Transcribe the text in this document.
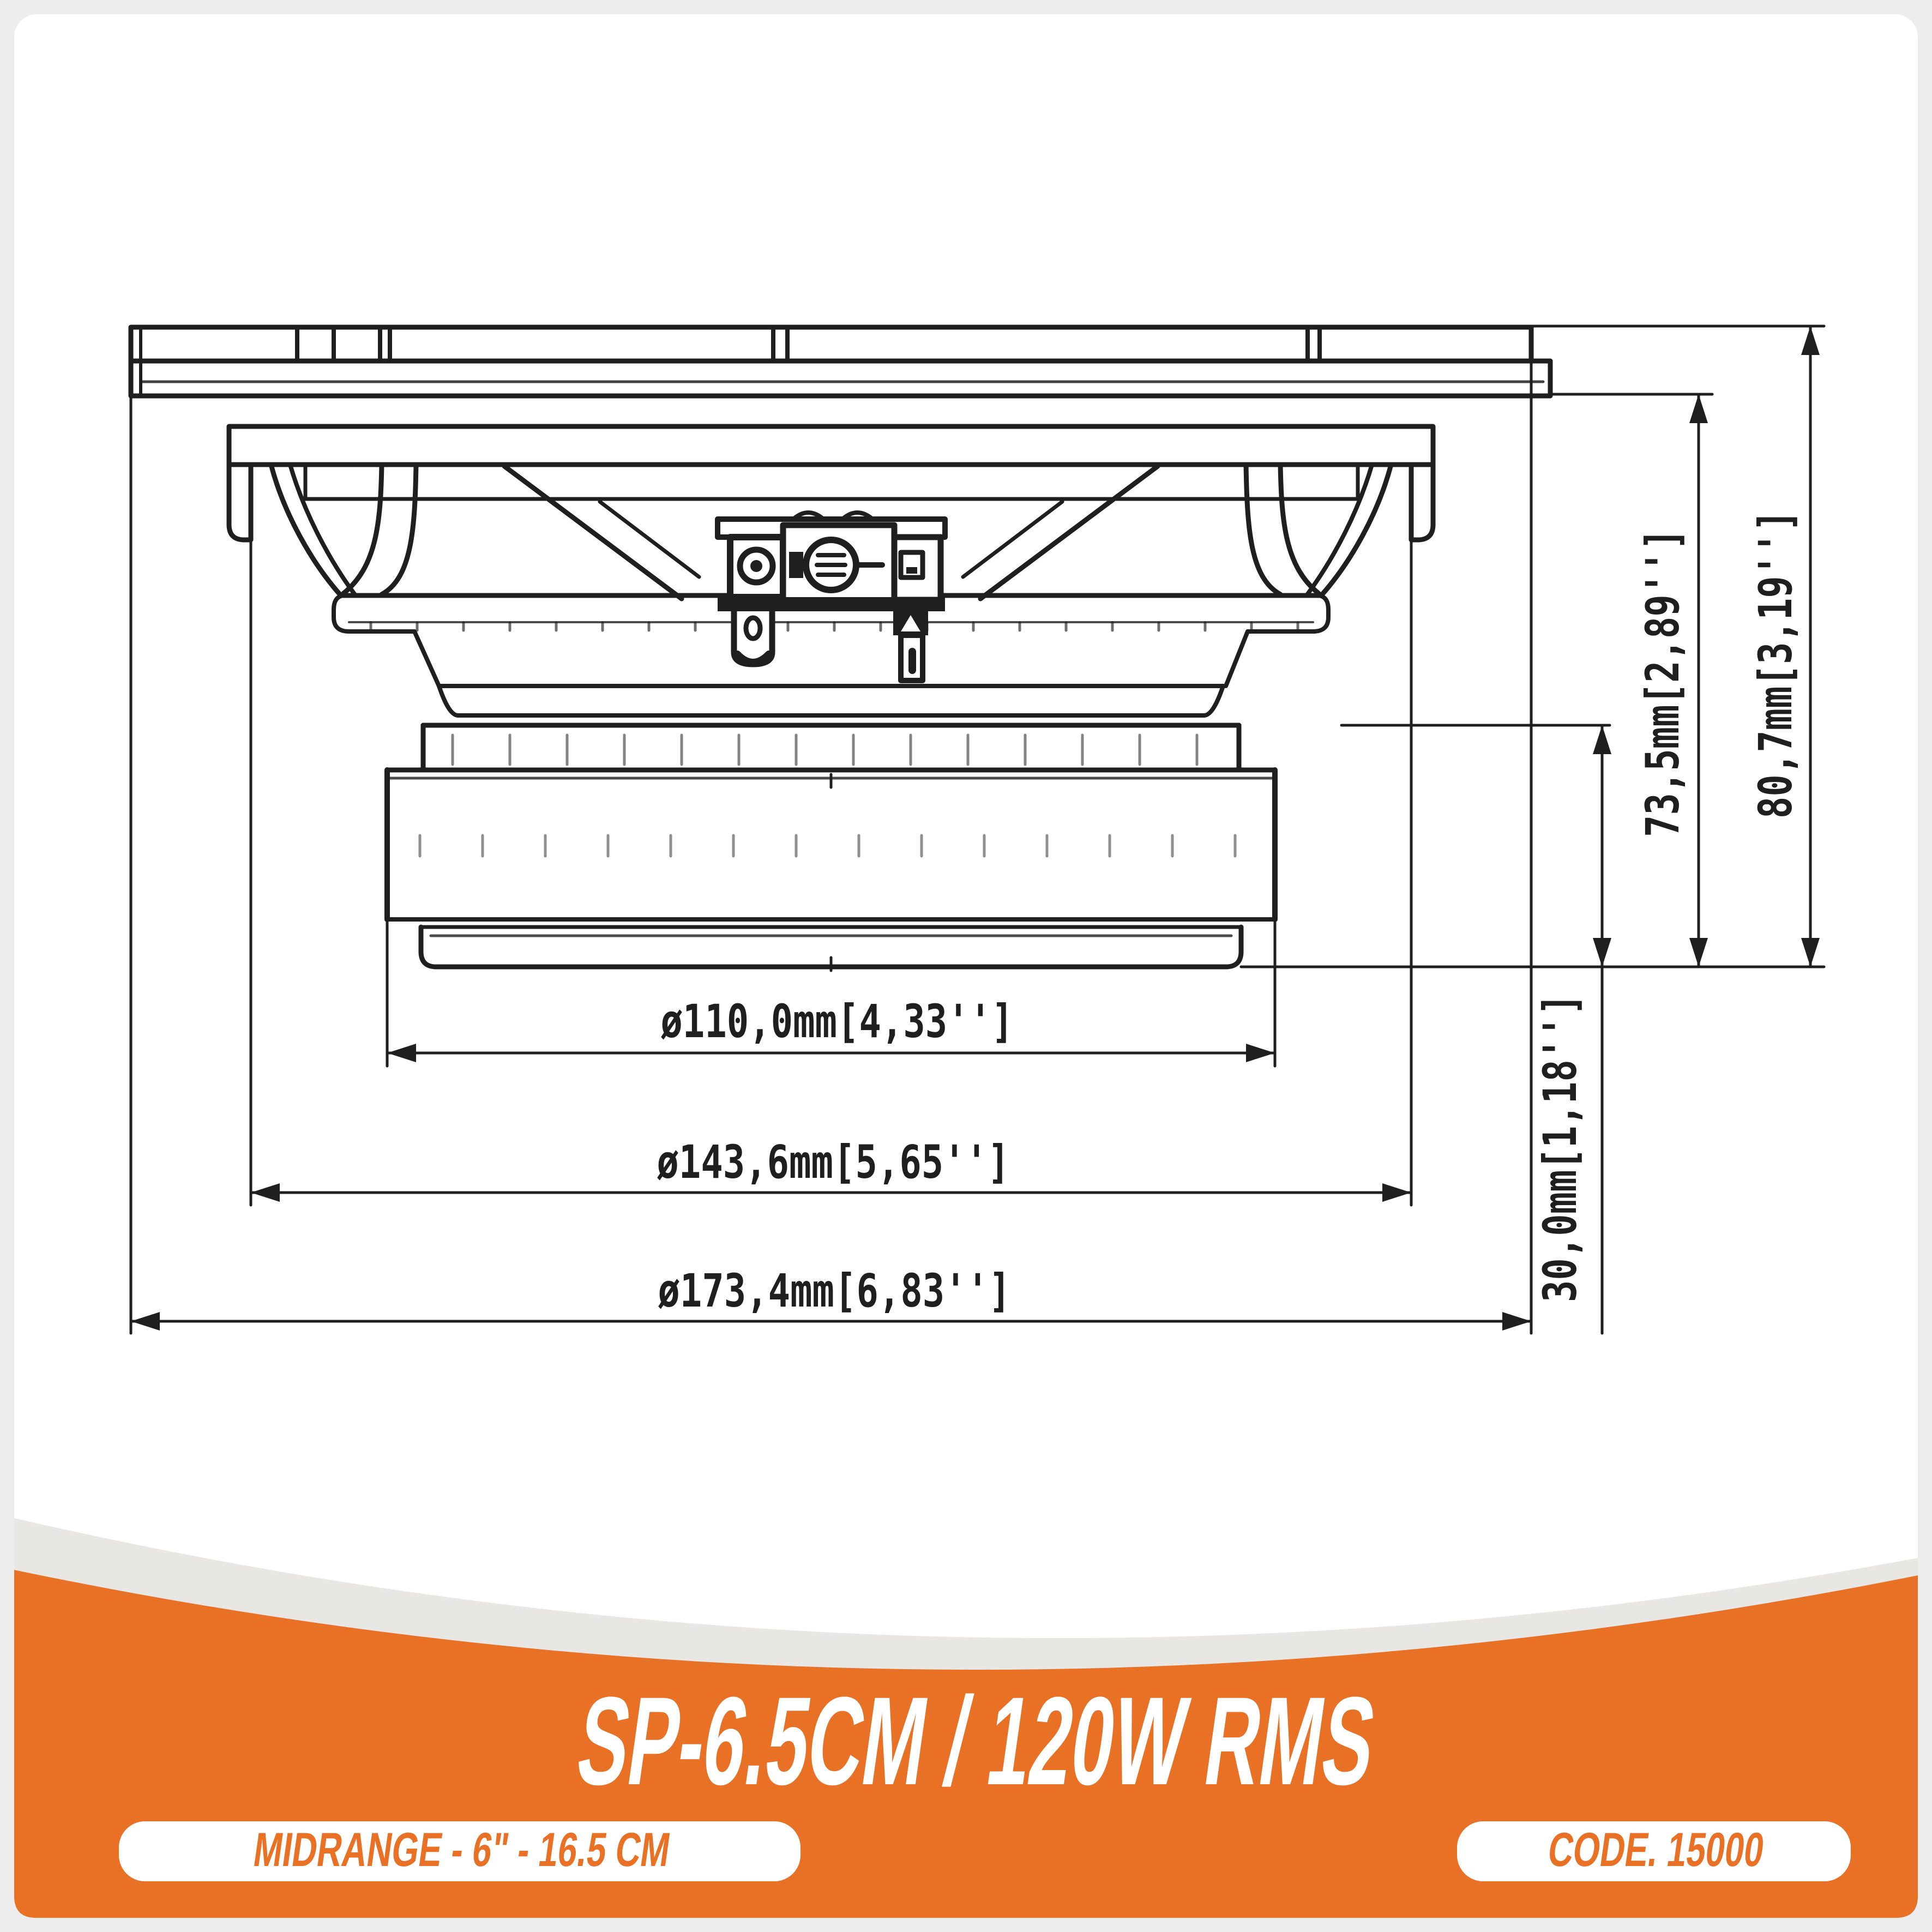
ø110,0mm[4,33'']
ø143,6mm[5,65'']
ø173,4mm[6,83'']	30,0mm[1,18'']
73,5mm[2,89''] 80,7mm[3,19'']
SP-6.5CM / 120W RMS
MIDRANGE - 6" - 16.5 CM	CODE. 15000
